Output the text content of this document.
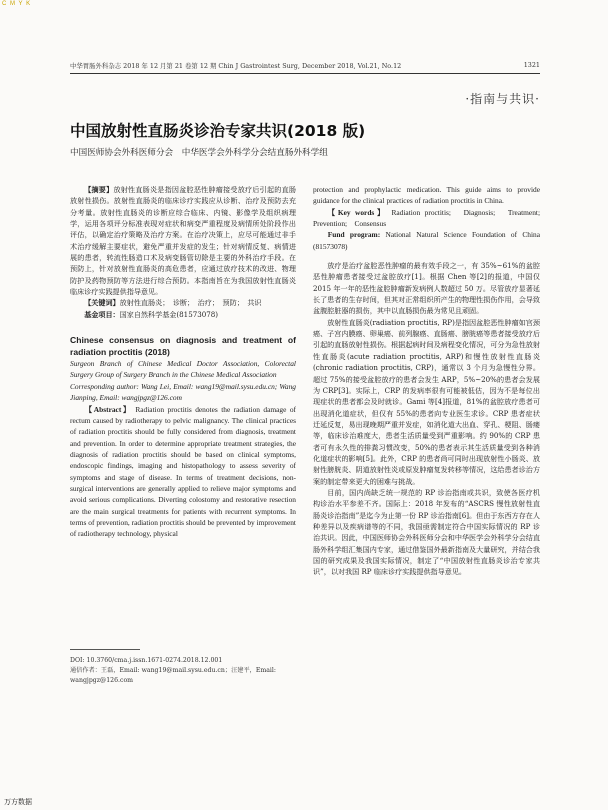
C M Y K
中华胃肠外科杂志 2018 年 12 月第 21 卷第 12 期 Chin J Gastrointest Surg, December 2018, Vol.21, No.12	1321
·指南与共识·
中国放射性直肠炎诊治专家共识(2018 版)
中国医师协会外科医师分会　中华医学会外科学分会结直肠外科学组

【摘要】放射性直肠炎是指因盆腔恶性肿瘤接受放疗后引起的直肠放射性损伤。放射性直肠炎的临床诊疗实践应从诊断、治疗及预防去充分考量。放射性直肠炎的诊断应综合临床、内镜、影像学及组织病理学，运用各项评分标准表现对症状和病变严重程度及病情所处阶段作出评估，以确定治疗策略及治疗方案。在治疗决策上，应尽可能通过非手术治疗缓解主要症状，避免严重并发症的发生；针对病情反复、病情进展的患者，转流性肠造口术及病变肠管切除是主要的外科治疗手段。在预防上，针对放射性直肠炎的高危患者，应通过放疗技术的改进、物理防护及药物预防等方法进行综合预防。本指南旨在为我国放射性直肠炎临床诊疗实践提供指导意见。

【关键词】放射性直肠炎；　诊断；　治疗；　预防；　共识

基金项目：国家自然科学基金(81573078)

Chinese consensus on diagnosis and treatment of radiation proctitis (2018)

Surgeon Branch of Chinese Medical Doctor Association, Colorectal Surgery Group of Surgery Branch in the Chinese Medical Association

Corresponding author: Wang Lei, Email: wang19@mail.sysu.edu.cn; Wang Jianping, Email: wangjpgz@126.com

【Abstract】 Radiation proctitis denotes the radiation damage of rectum caused by radiotherapy to pelvic malignancy. The clinical practices of radiation proctitis should be fully considered from diagnosis, treatment and prevention. In order to determine appropriate treatment strategies, the diagnosis of radiation proctitis should be based on clinical symptoms, endoscopic findings, imaging and histopathology to assess severity of symptoms and stage of disease. In terms of treatment decisions, non-surgical interventions are generally applied to relieve major symptoms and avoid serious complications. Diverting colostomy and restorative resection are the main surgical treatments for patients with recurrent symptoms. In terms of prevention, radiation proctitis should be prevented by improvement of radiotherapy technology, physical

protection and prophylactic medication. This guide aims to provide guidance for the clinical practices of radiation proctitis in China.

【Key words】 Radiation proctitis;　Diagnosis;　Treatment;　Prevention;　Consensus

Fund program: National Natural Science Foundation of China (81573078)

放疗是治疗盆腔恶性肿瘤的最有效手段之一，有 35%~61%的盆腔恶性肿瘤患者接受过盆腔放疗[1]。根据 Chen 等[2]的报道，中国仅 2015 年一年的恶性盆腔肿瘤新发病例人数超过 50 万。尽管放疗显著延长了患者的生存时间，但其对正常组织所产生的物理性损伤作用，会导致盆腹腔脏器的损伤，其中以直肠损伤最为常见且顽固。

放射性直肠炎(radiation proctitis, RP)是指因盆腔恶性肿瘤如宫颈癌、子宫内膜癌、卵巢癌、前列腺癌、直肠癌、膀胱癌等患者接受放疗后引起的直肠放射性损伤。根据起病时间及病程变化情况，可分为急性放射性直肠炎(acute radiation proctitis, ARP)和慢性放射性直肠炎(chronic radiation proctitis, CRP)，通常以 3 个月为急慢性分界。超过 75%的接受盆腔放疗的患者会发生 ARP，5%~20%的患者会发展为 CRP[3]。实际上，CRP 的发病率很有可能被低估，因为不是每位出现症状的患者都会及时就诊。Gami 等[4]报道，81%的盆腔放疗患者可出现消化道症状，但仅有 55%的患者向专业医生求诊。CRP 患者症状迁延反复，易出现晚期严重并发症，如消化道大出血、穿孔、梗阻、肠瘘等，临床诊治难度大，患者生活质量受到严重影响。约 90%的 CRP 患者可有永久性的排粪习惯改变，50%的患者表示其生活质量受到各种消化道症状的影响[5]。此外，CRP 的患者尚可同时出现放射性小肠炎、放射性膀胱炎、阴道放射性炎或原发肿瘤复发转移等情况，这给患者诊治方案的制定带来更大的困难与挑战。

目前，国内尚缺乏统一规范的 RP 诊治指南或共识，致使各医疗机构诊治水平参差不齐。国际上：2018 年发布的“ASCRS 慢性放射性直肠炎诊治指南”是迄今为止第一份 RP 诊治指南[6]。但由于东西方存在人种差异以及疾病谱等的不同，我国亟需制定符合中国实际情况的 RP 诊治共识。因此，中国医师协会外科医师分会和中华医学会外科学分会结直肠外科学组汇集国内专家，通过借鉴国外最新指南及大量研究，并结合我国的研究成果及我国实际情况，制定了“中国放射性直肠炎诊治专家共识”，以对我国 RP 临床诊疗实践提供指导意见。

DOI: 10.3760/cma.j.issn.1671-0274.2018.12.001
通信作者：王磊，Email: wang19@mail.sysu.edu.cn；汪建平，Email: wangjpgz@126.com
万方数据
